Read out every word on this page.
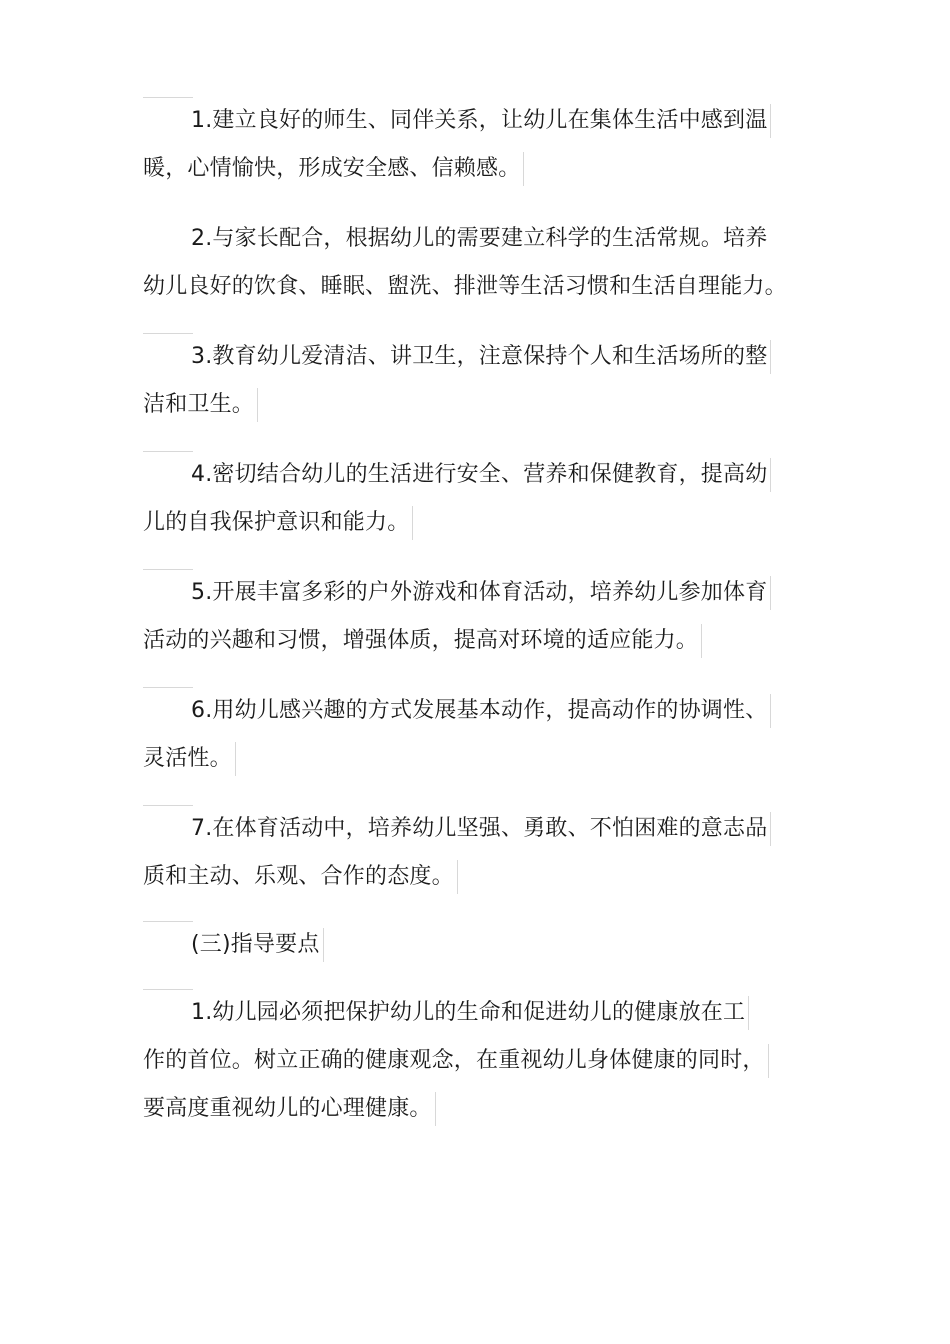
1.建立良好的师生、同伴关系，让幼儿在集体生活中感到温
暖，心情愉快，形成安全感、信赖感。
2.与家长配合，根据幼儿的需要建立科学的生活常规。培养
幼儿良好的饮食、睡眠、盥洗、排泄等生活习惯和生活自理能力。
3.教育幼儿爱清洁、讲卫生，注意保持个人和生活场所的整
洁和卫生。
4.密切结合幼儿的生活进行安全、营养和保健教育，提高幼
儿的自我保护意识和能力。
5.开展丰富多彩的户外游戏和体育活动，培养幼儿参加体育
活动的兴趣和习惯，增强体质，提高对环境的适应能力。
6.用幼儿感兴趣的方式发展基本动作，提高动作的协调性、
灵活性。
7.在体育活动中，培养幼儿坚强、勇敢、不怕困难的意志品
质和主动、乐观、合作的态度。
(三)指导要点
1.幼儿园必须把保护幼儿的生命和促进幼儿的健康放在工
作的首位。树立正确的健康观念，在重视幼儿身体健康的同时，
要高度重视幼儿的心理健康。
